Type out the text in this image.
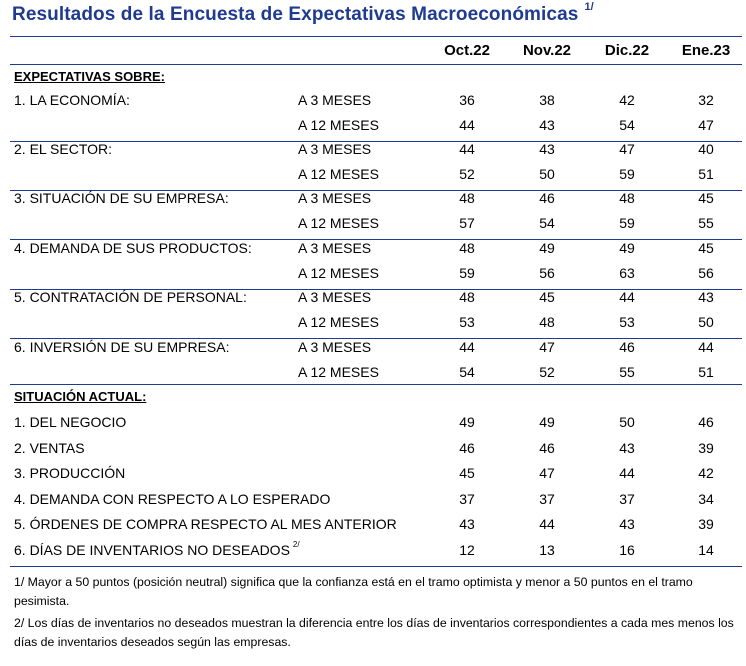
Resultados de la Encuesta de Expectativas Macroeconómicas $^{1/}$
Oct.22	Nov.22	Dic.22	Ene.23
EXPECTATIVAS SOBRE:
1. LA ECONOMÍA:	A 3 MESES	36	38	42	32
A 12 MESES	44	43	54	47
2. EL SECTOR:	A 3 MESES	44	43	47	40
A 12 MESES	52	50	59	51
3. SITUACIÓN DE SU EMPRESA:	A 3 MESES	48	46	48	45
A 12 MESES	57	54	59	55
4. DEMANDA DE SUS PRODUCTOS:	A 3 MESES	48	49	49	45
A 12 MESES	59	56	63	56
5. CONTRATACIÓN DE PERSONAL:	A 3 MESES	48	45	44	43
A 12 MESES	53	48	53	50
6. INVERSIÓN DE SU EMPRESA:	A 3 MESES	44	47	46	44
A 12 MESES	54	52	55	51
SITUACIÓN ACTUAL:
1. DEL NEGOCIO	49	49	50	46
2. VENTAS	46	46	43	39
3. PRODUCCIÓN	45	47	44	42
4. DEMANDA CON RESPECTO A LO ESPERADO	37	37	37	34
5. ÓRDENES DE COMPRA RESPECTO AL MES ANTERIOR	43	44	43	39
6. DÍAS DE INVENTARIOS NO DESEADOS $^{2/}$	12	13	16	14
1/ Mayor a 50 puntos (posición neutral) significa que la confianza está en el tramo optimista y menor a 50 puntos en el tramo pesimista.
2/ Los días de inventarios no deseados muestran la diferencia entre los días de inventarios correspondientes a cada mes menos los días de inventarios deseados según las empresas.
